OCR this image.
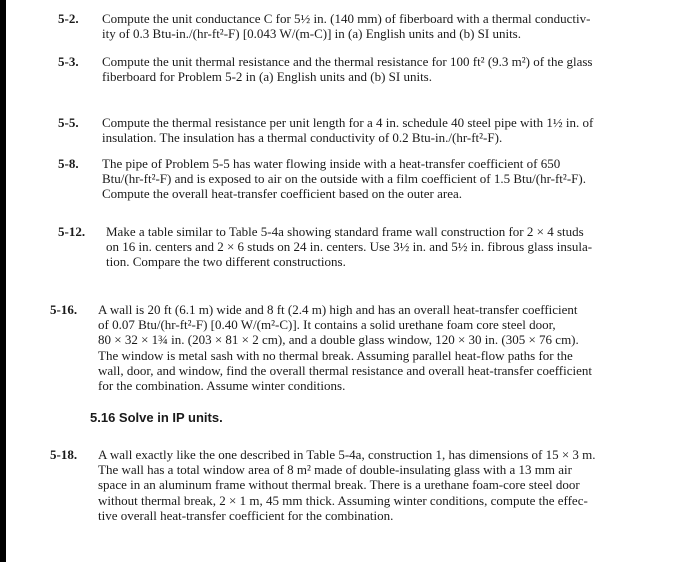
5-2. Compute the unit conductance C for 5½ in. (140 mm) of fiberboard with a thermal conductiv-
ity of 0.3 Btu-in./(hr-ft²-F) [0.043 W/(m-C)] in (a) English units and (b) SI units.
5-3. Compute the unit thermal resistance and the thermal resistance for 100 ft² (9.3 m²) of the glass
fiberboard for Problem 5-2 in (a) English units and (b) SI units.
5-5. Compute the thermal resistance per unit length for a 4 in. schedule 40 steel pipe with 1½ in. of
insulation. The insulation has a thermal conductivity of 0.2 Btu-in./(hr-ft²-F).
5-8. The pipe of Problem 5-5 has water flowing inside with a heat-transfer coefficient of 650
Btu/(hr-ft²-F) and is exposed to air on the outside with a film coefficient of 1.5 Btu/(hr-ft²-F).
Compute the overall heat-transfer coefficient based on the outer area.
5-12. Make a table similar to Table 5-4a showing standard frame wall construction for 2 × 4 studs
on 16 in. centers and 2 × 6 studs on 24 in. centers. Use 3½ in. and 5½ in. fibrous glass insula-
tion. Compare the two different constructions.
5-16. A wall is 20 ft (6.1 m) wide and 8 ft (2.4 m) high and has an overall heat-transfer coefficient
of 0.07 Btu/(hr-ft²-F) [0.40 W/(m²-C)]. It contains a solid urethane foam core steel door,
80 × 32 × 1¾ in. (203 × 81 × 2 cm), and a double glass window, 120 × 30 in. (305 × 76 cm).
The window is metal sash with no thermal break. Assuming parallel heat-flow paths for the
wall, door, and window, find the overall thermal resistance and overall heat-transfer coefficient
for the combination. Assume winter conditions.
5.16 Solve in IP units.
5-18. A wall exactly like the one described in Table 5-4a, construction 1, has dimensions of 15 × 3 m.
The wall has a total window area of 8 m² made of double-insulating glass with a 13 mm air
space in an aluminum frame without thermal break. There is a urethane foam-core steel door
without thermal break, 2 × 1 m, 45 mm thick. Assuming winter conditions, compute the effec-
tive overall heat-transfer coefficient for the combination.
